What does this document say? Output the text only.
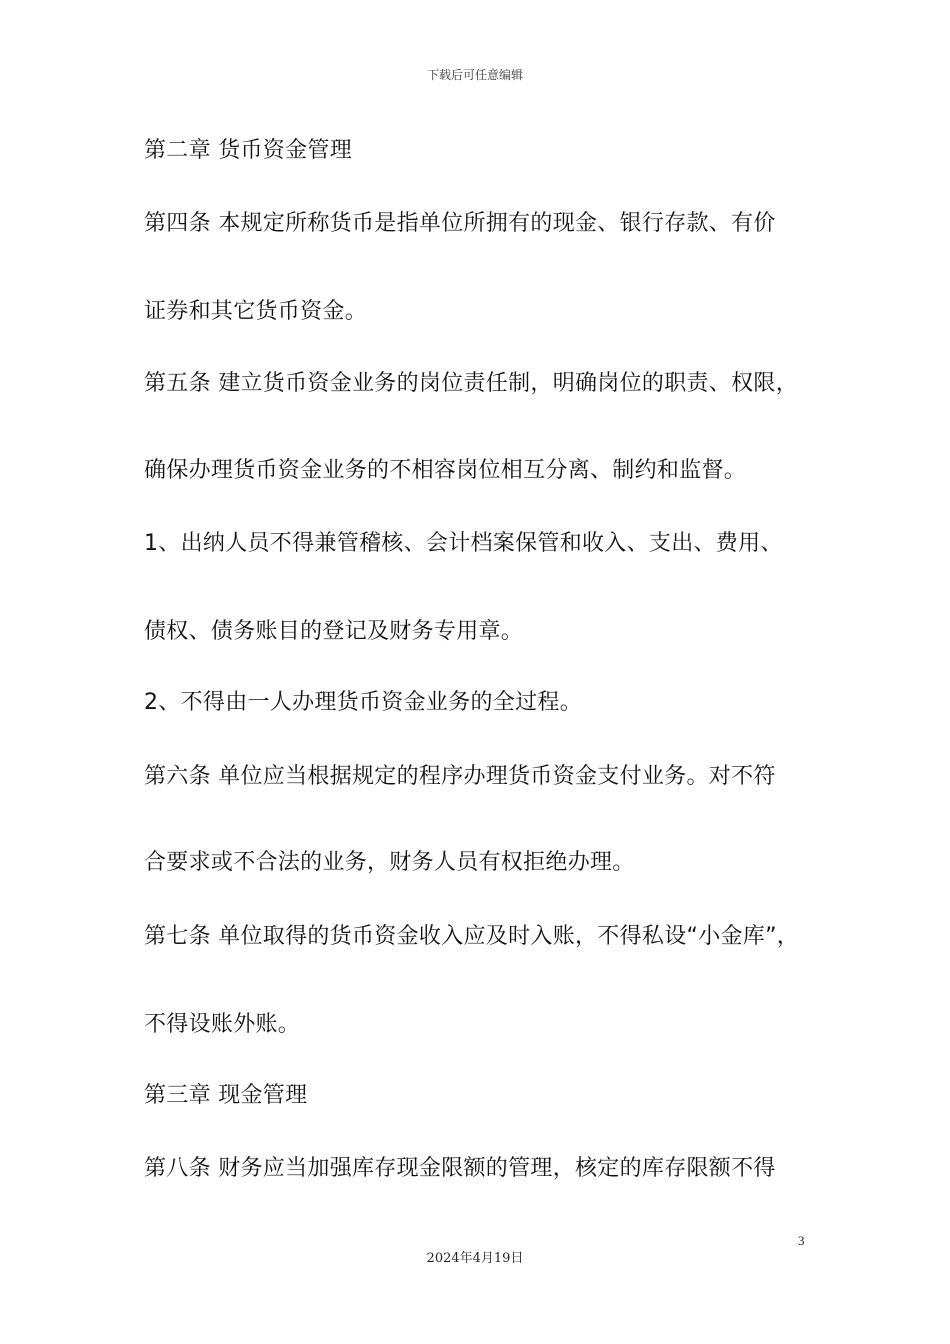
下载后可任意编辑
第二章 货币资金管理
第四条 本规定所称货币是指单位所拥有的现金、银行存款、有价
证券和其它货币资金。
第五条 建立货币资金业务的岗位责任制，明确岗位的职责、权限，
确保办理货币资金业务的不相容岗位相互分离、制约和监督。
1、出纳人员不得兼管稽核、会计档案保管和收入、支出、费用、
债权、债务账目的登记及财务专用章。
2、不得由一人办理货币资金业务的全过程。
第六条 单位应当根据规定的程序办理货币资金支付业务。对不符
合要求或不合法的业务，财务人员有权拒绝办理。
第七条 单位取得的货币资金收入应及时入账，不得私设“小金库”，
不得设账外账。
第三章 现金管理
第八条 财务应当加强库存现金限额的管理，核定的库存限额不得
3
2024年4月19日
